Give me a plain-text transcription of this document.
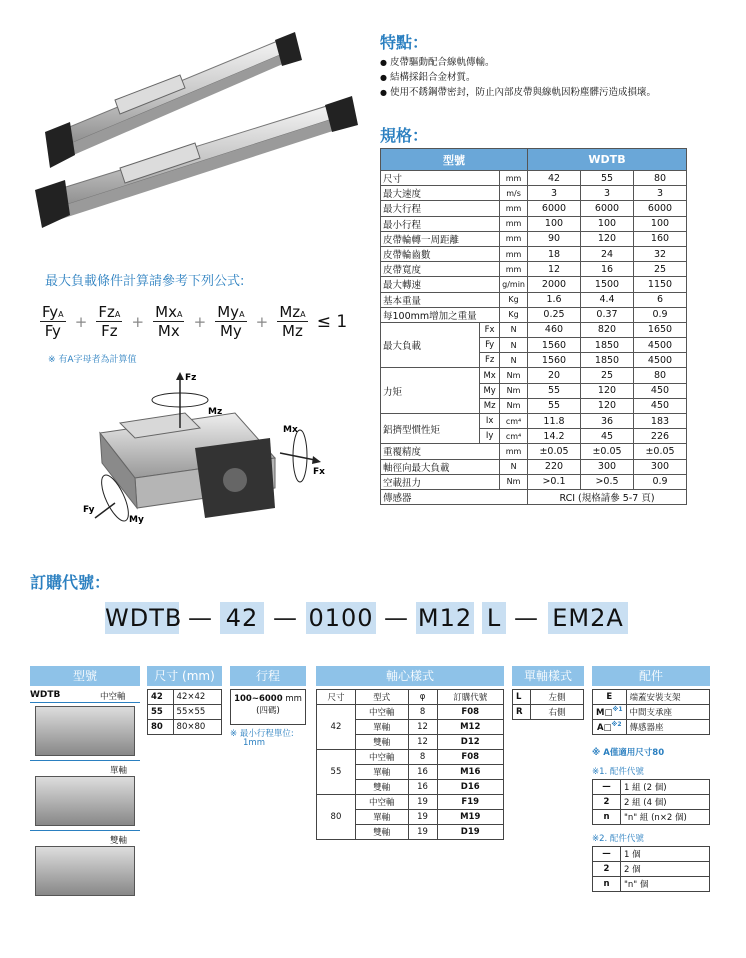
特點：
● 皮帶驅動配合線軌傳輸。
● 結構採鋁合金材質。
● 使用不銹鋼帶密封，防止內部皮帶與線軌因粉塵髒污造成損壞。
規格：
型號			WDTB		
尺寸		mm	42	55	80
最大速度		m/s	3	3	3
最大行程		mm	6000	6000	6000
最小行程		mm	100	100	100
皮帶輪轉一周距離		mm	90	120	160
皮帶輪齒數		mm	18	24	32
皮帶寬度		mm	12	16	25
最大轉速		g/min	2000	1500	1150
基本重量		Kg	1.6	4.4	6
每100mm增加之重量		Kg	0.25	0.37	0.9
最大負載	Fx	N	460	820	1650
	Fy	N	1560	1850	4500
	Fz	N	1560	1850	4500
力矩	Mx	Nm	20	25	80
	My	Nm	55	120	450
	Mz	Nm	55	120	450
鋁擠型慣性矩	Ix	cm⁴	11.8	36	183
	Iy	cm⁴	14.2	45	226
重覆精度		mm	±0.05	±0.05	±0.05
軸徑向最大負載		N	220	300	300
空載扭力		Nm	>0.1	>0.5	0.9
傳感器			RCI (規格請參 5-7 頁)		
最大負載條件計算請參考下列公式:
$\frac{\text{FyA}}{Fy} + \frac{\text{FzA}}{Fz} + \frac{\text{MxA}}{Mx} + \frac{\text{MyA}}{My} + \frac{\text{MzA}}{Mz} \le 1$
※ 有A字母者為計算值
Fz
Mz
Mx
Fx
Fy
My
訂購代號：
WDTB — 42 — 0100 — M12 L — EM2A
型號
WDTB	中空軸
單軸
雙軸
尺寸 (mm)
42	42×42
55	55×55
80	80×80
行程
100~6000 mm
(四碼)
※ 最小行程單位:
1mm
軸心樣式
尺寸	型式	φ	訂購代號
42	中空軸	8	F08
	單軸	12	M12
	雙軸	12	D12
55	中空軸	8	F08
	單軸	16	M16
	雙軸	16	D16
80	中空軸	19	F19
	單軸	19	M19
	雙軸	19	D19
單軸樣式
L	左側
R	右側
配件
E	端蓋安裝支架
M□$^{※1}$	中間支承座
A□$^{※2}$	傳感器座
※ A僅適用尺寸80
※1. 配件代號
—	1 組 (2 個)
2	2 組 (4 個)
n	"n" 組 (n×2 個)
※2. 配件代號
—	1 個
2	2 個
n	"n" 個
